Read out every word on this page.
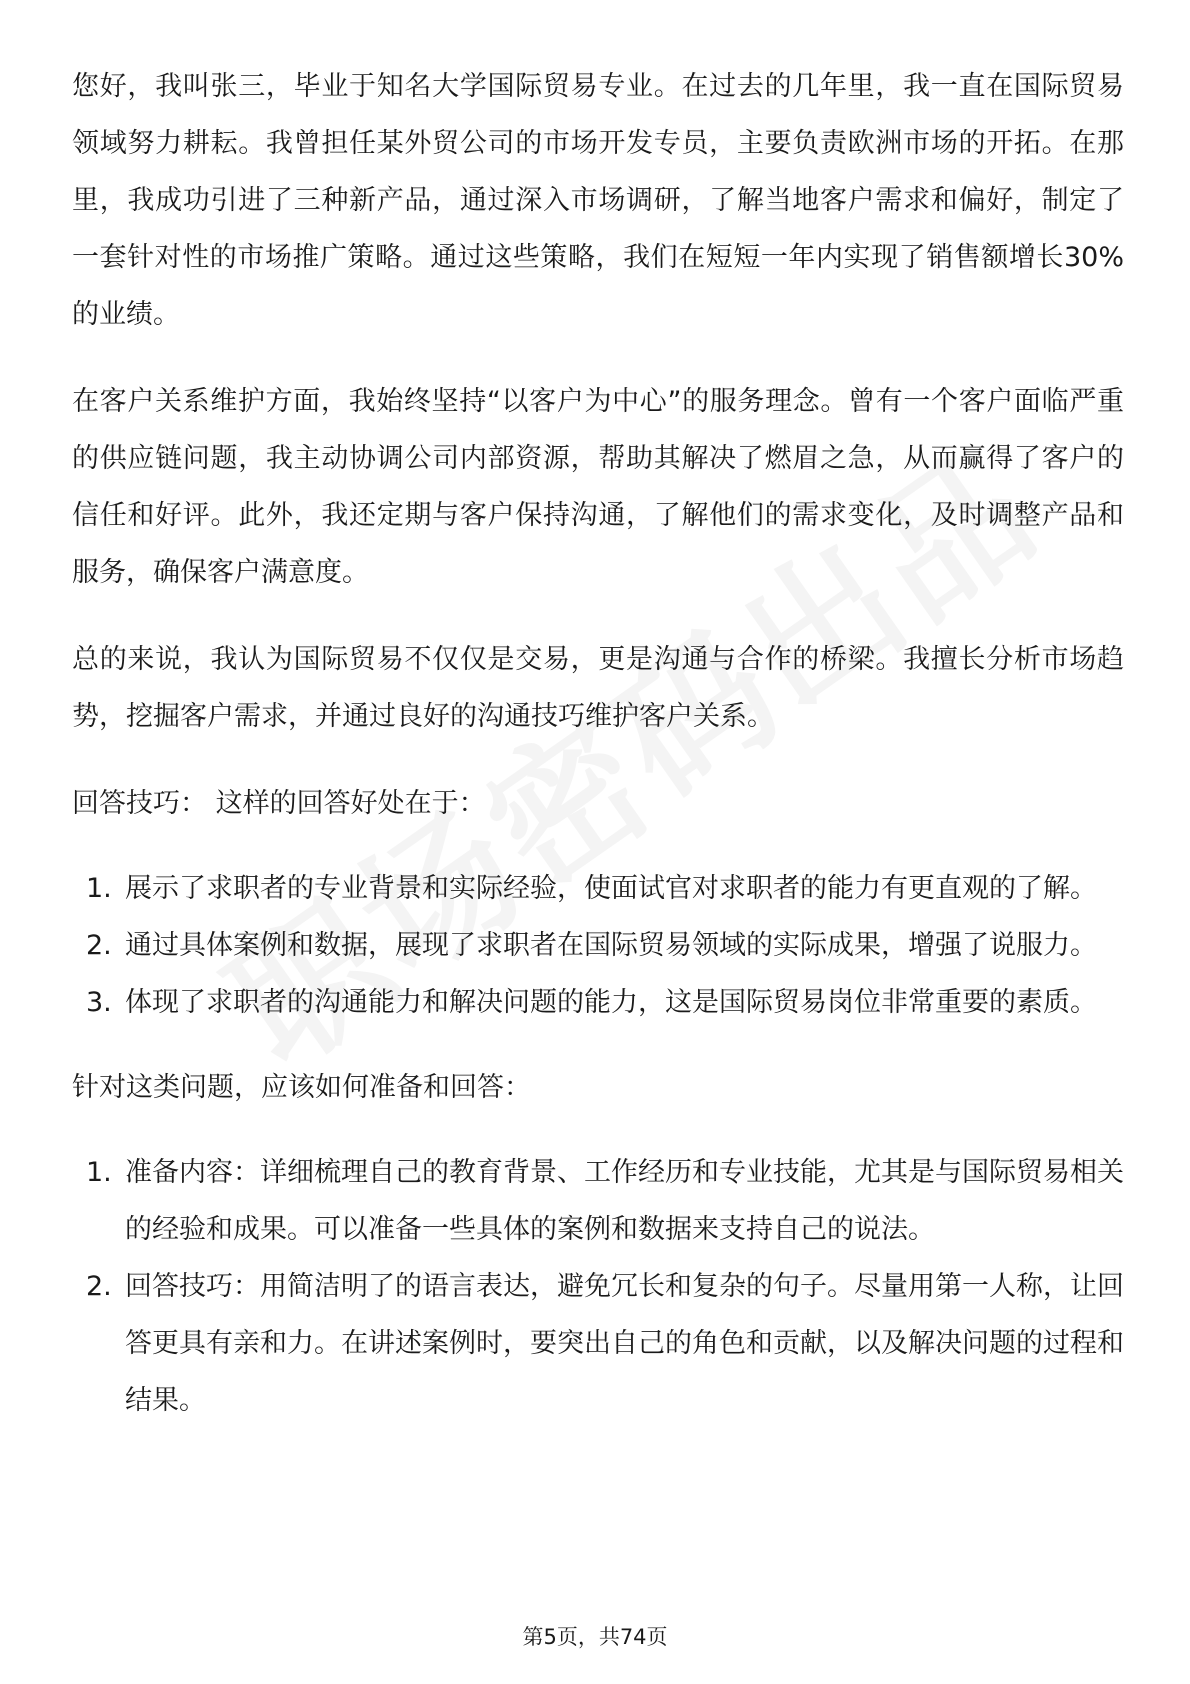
您好，我叫张三，毕业于知名大学国际贸易专业。在过去的几年里，我一直在国际贸易领域努力耕耘。我曾担任某外贸公司的市场开发专员，主要负责欧洲市场的开拓。在那里，我成功引进了三种新产品，通过深入市场调研，了解当地客户需求和偏好，制定了一套针对性的市场推广策略。通过这些策略，我们在短短一年内实现了销售额增长30%的业绩。

在客户关系维护方面，我始终坚持“以客户为中心”的服务理念。曾有一个客户面临严重的供应链问题，我主动协调公司内部资源，帮助其解决了燃眉之急，从而赢得了客户的信任和好评。此外，我还定期与客户保持沟通，了解他们的需求变化，及时调整产品和服务，确保客户满意度。

总的来说，我认为国际贸易不仅仅是交易，更是沟通与合作的桥梁。我擅长分析市场趋势，挖掘客户需求，并通过良好的沟通技巧维护客户关系。

回答技巧： 这样的回答好处在于：

1. 展示了求职者的专业背景和实际经验，使面试官对求职者的能力有更直观的了解。
2. 通过具体案例和数据，展现了求职者在国际贸易领域的实际成果，增强了说服力。
3. 体现了求职者的沟通能力和解决问题的能力，这是国际贸易岗位非常重要的素质。

针对这类问题，应该如何准备和回答：

1. 准备内容：详细梳理自己的教育背景、工作经历和专业技能，尤其是与国际贸易相关的经验和成果。可以准备一些具体的案例和数据来支持自己的说法。
2. 回答技巧：用简洁明了的语言表达，避免冗长和复杂的句子。尽量用第一人称，让回答更具有亲和力。在讲述案例时，要突出自己的角色和贡献，以及解决问题的过程和结果。
第5页，共74页
